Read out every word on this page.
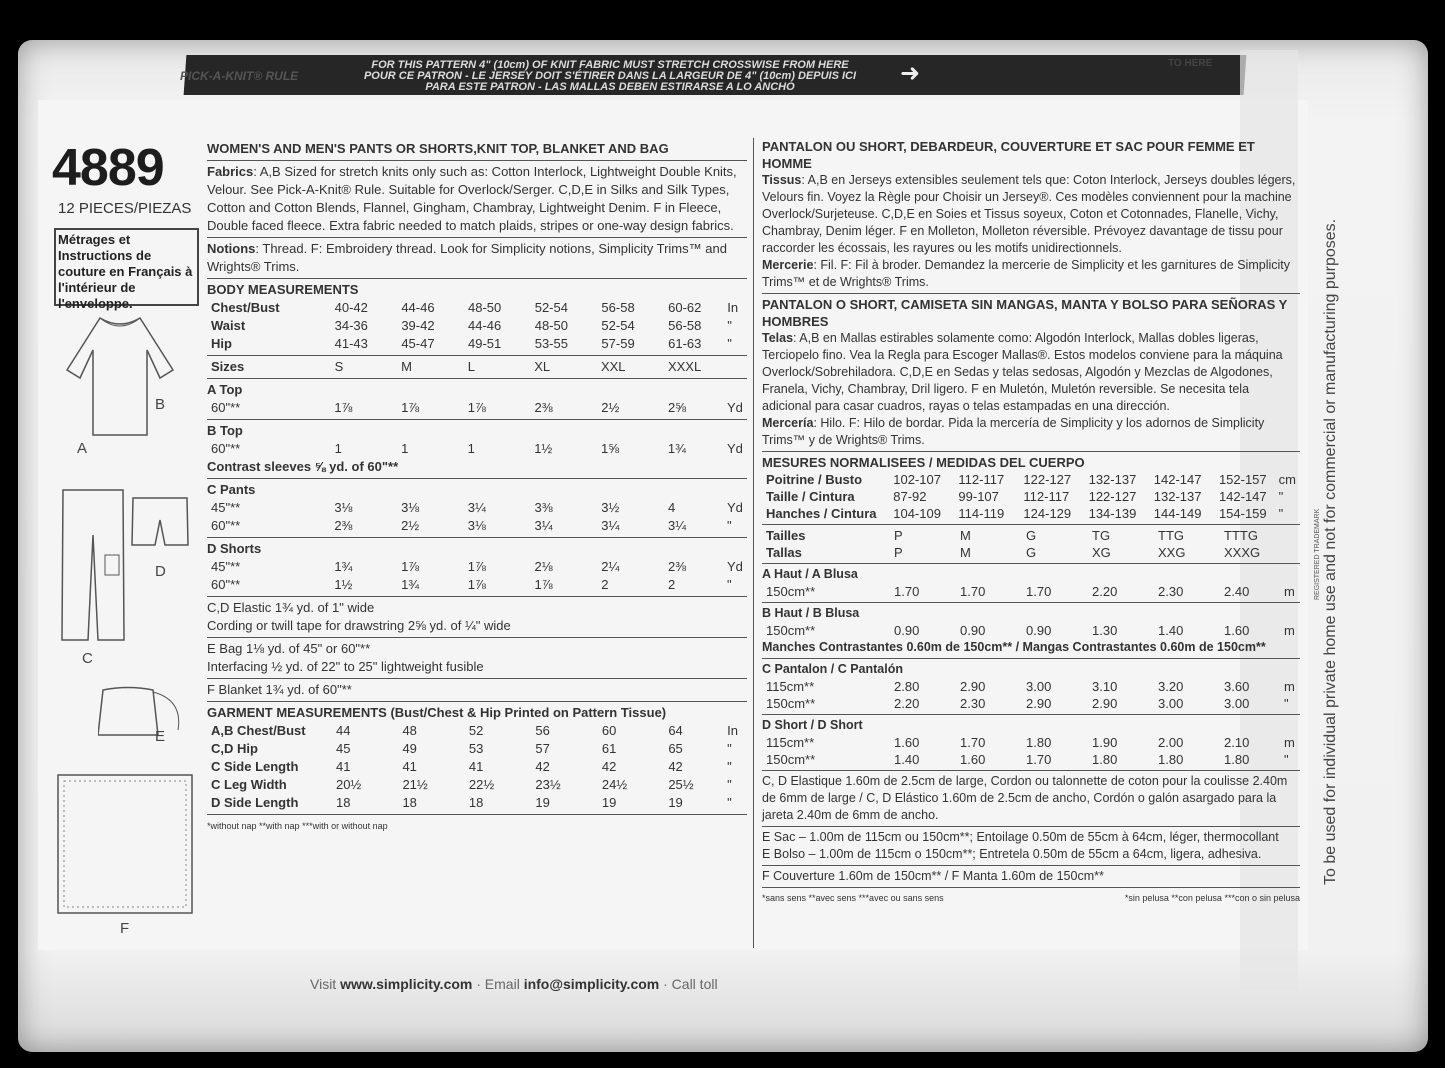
PICK-A-KNIT® RULE
FOR THIS PATTERN 4" (10cm) OF KNIT FABRIC MUST STRETCH CROSSWISE FROM HERE
POUR CE PATRON - LE JERSEY DOIT S'ÉTIRER DANS LA LARGEUR DE 4" (10cm) DEPUIS ICI
PARA ESTE PATRON - LAS MALLAS DEBEN ESTIRARSE A LO ANCHO	➜	TO HERE
4889
12 PIECES/PIEZAS
Métrages et Instructions de couture en Français à l'intérieur de l'enveloppe.
B
A
D
C
E
F
WOMEN'S AND MEN'S PANTS OR SHORTS,KNIT TOP, BLANKET AND BAG
Fabrics: A,B Sized for stretch knits only such as: Cotton Interlock, Lightweight Double Knits, Velour. See Pick-A-Knit® Rule. Suitable for Overlock/Serger. C,D,E in Silks and Silk Types, Cotton and Cotton Blends, Flannel, Gingham, Chambray, Lightweight Denim. F in Fleece, Double faced fleece. Extra fabric needed to match plaids, stripes or one-way design fabrics.
Notions: Thread. F: Embroidery thread. Look for Simplicity notions, Simplicity Trims™ and Wrights® Trims.
BODY MEASUREMENTS
Chest/Bust	40-42	44-46	48-50	52-54	56-58	60-62	In
Waist	34-36	39-42	44-46	48-50	52-54	56-58	"
Hip	41-43	45-47	49-51	53-55	57-59	61-63	"
Sizes	S	M	L	XL	XXL	XXXL	
A Top
60"**	1⅞	1⅞	1⅞	2⅜	2½	2⅝	Yd
B Top
60"**	1	1	1	1½	1⅝	1¾	Yd
Contrast sleeves ⅝ yd. of 60"**
C Pants
45"**	3⅛	3⅛	3¼	3⅜	3½	4	Yd
60"**	2⅜	2½	3⅛	3¼	3¼	3¼	"
D Shorts
45"**	1¾	1⅞	1⅞	2⅛	2¼	2⅜	Yd
60"**	1½	1¾	1⅞	1⅞	2	2	"
C,D Elastic 1¾ yd. of 1" wide
Cording or twill tape for drawstring 2⅝ yd. of ¼" wide
E Bag 1⅛ yd. of 45" or 60"**
Interfacing ½ yd. of 22" to 25" lightweight fusible
F Blanket 1¾ yd. of 60"**
GARMENT MEASUREMENTS (Bust/Chest & Hip Printed on Pattern Tissue)
A,B Chest/Bust	44	48	52	56	60	64	In
C,D Hip	45	49	53	57	61	65	"
C Side Length	41	41	41	42	42	42	"
C Leg Width	20½	21½	22½	23½	24½	25½	"
D Side Length	18	18	18	19	19	19	"
*without nap **with nap ***with or without nap
PANTALON OU SHORT, DEBARDEUR, COUVERTURE ET SAC POUR FEMME ET HOMME
Tissus: A,B en Jerseys extensibles seulement tels que: Coton Interlock, Jerseys doubles légers, Velours fin. Voyez la Règle pour Choisir un Jersey®. Ces modèles conviennent pour la machine Overlock/Surjeteuse. C,D,E en Soies et Tissus soyeux, Coton et Cotonnades, Flanelle, Vichy, Chambray, Denim léger. F en Molleton, Molleton réversible. Prévoyez davantage de tissu pour raccorder les écossais, les rayures ou les motifs unidirectionnels.
Mercerie: Fil. F: Fil à broder. Demandez la mercerie de Simplicity et les garnitures de Simplicity Trims™ et de Wrights® Trims.
PANTALON O SHORT, CAMISETA SIN MANGAS, MANTA Y BOLSO PARA SEÑORAS Y HOMBRES
Telas: A,B en Mallas estirables solamente como: Algodón Interlock, Mallas dobles ligeras, Terciopelo fino. Vea la Regla para Escoger Mallas®. Estos modelos conviene para la máquina Overlock/Sobrehiladora. C,D,E en Sedas y telas sedosas, Algodón y Mezclas de Algodones, Franela, Vichy, Chambray, Dril ligero. F en Muletón, Muletón reversible. Se necesita tela adicional para casar cuadros, rayas o telas estampadas en una dirección.
Mercería: Hilo. F: Hilo de bordar. Pida la mercería de Simplicity y los adornos de Simplicity Trims™ y de Wrights® Trims.
MESURES NORMALISEES / MEDIDAS DEL CUERPO
Poitrine / Busto	102-107	112-117	122-127	132-137	142-147	152-157	cm
Taille / Cintura	87-92	99-107	112-117	122-127	132-137	142-147	"
Hanches / Cintura	104-109	114-119	124-129	134-139	144-149	154-159	"
Tailles	P	M	G	TG	TTG	TTTG	
Tallas	P	M	G	XG	XXG	XXXG	
A Haut / A Blusa
150cm**	1.70	1.70	1.70	2.20	2.30	2.40	m
B Haut / B Blusa
150cm**	0.90	0.90	0.90	1.30	1.40	1.60	m
Manches Contrastantes 0.60m de 150cm** / Mangas Contrastantes 0.60m de 150cm**
C Pantalon / C Pantalón
115cm**	2.80	2.90	3.00	3.10	3.20	3.60	m
150cm**	2.20	2.30	2.90	2.90	3.00	3.00	"
D Short / D Short
115cm**	1.60	1.70	1.80	1.90	2.00	2.10	m
150cm**	1.40	1.60	1.70	1.80	1.80	1.80	"
C, D Elastique 1.60m de 2.5cm de large, Cordon ou talonnette de coton pour la coulisse 2.40m de 6mm de large / C, D Elástico 1.60m de 2.5cm de ancho, Cordón o galón asargado para la jareta 2.40m de 6mm de ancho.
E Sac – 1.00m de 115cm ou 150cm**; Entoilage 0.50m de 55cm à 64cm, léger, thermocollant
E Bolso – 1.00m de 115cm o 150cm**; Entretela 0.50m de 55cm a 64cm, ligera, adhesiva.
F Couverture 1.60m de 150cm** / F Manta 1.60m de 150cm**
*sans sens **avec sens ***avec ou sans sens	*sin pelusa **con pelusa ***con o sin pelusa
To be used for individual private home use and not for commercial or manufacturing purposes.
REGISTERED TRADEMARK
Visit www.simplicity.com · Email info@simplicity.com · Call toll
